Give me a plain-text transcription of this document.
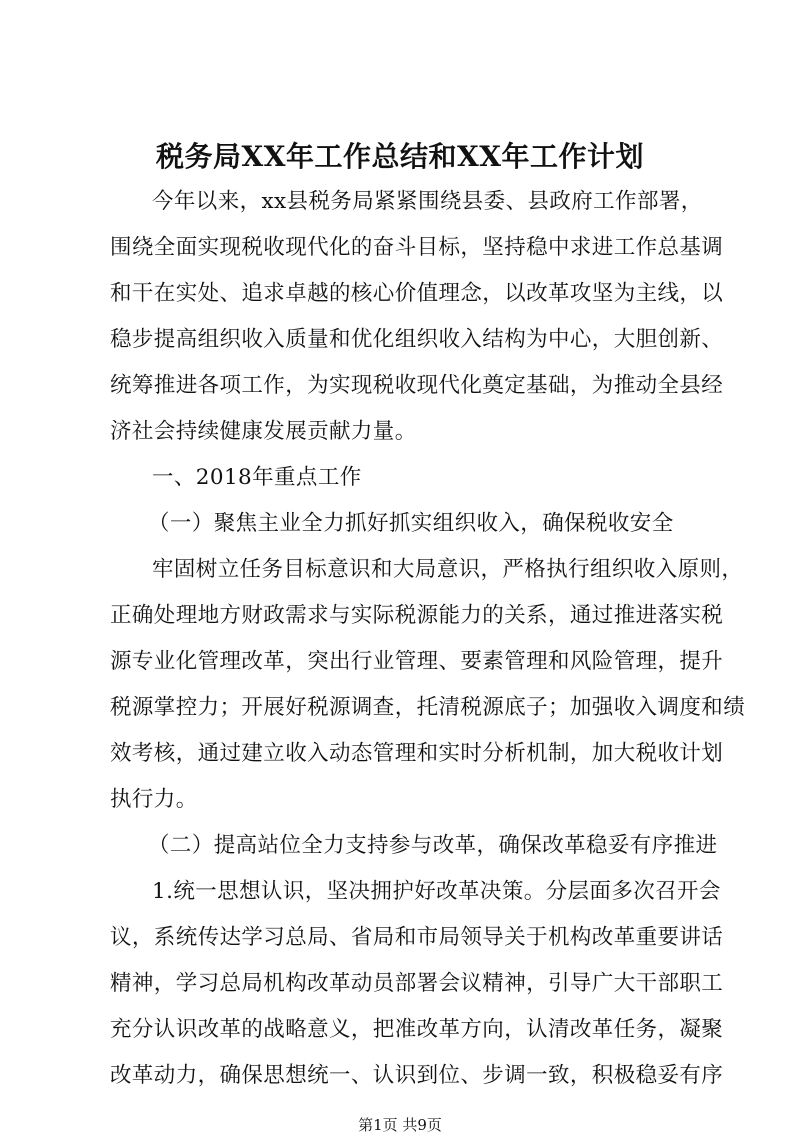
税务局XX年工作总结和XX年工作计划
今年以来，xx县税务局紧紧围绕县委、县政府工作部署，
围绕全面实现税收现代化的奋斗目标，坚持稳中求进工作总基调
和干在实处、追求卓越的核心价值理念，以改革攻坚为主线，以
稳步提高组织收入质量和优化组织收入结构为中心，大胆创新、
统筹推进各项工作，为实现税收现代化奠定基础，为推动全县经
济社会持续健康发展贡献力量。
一、2018年重点工作
（一）聚焦主业全力抓好抓实组织收入，确保税收安全
牢固树立任务目标意识和大局意识，严格执行组织收入原则，
正确处理地方财政需求与实际税源能力的关系，通过推进落实税
源专业化管理改革，突出行业管理、要素管理和风险管理，提升
税源掌控力；开展好税源调查，托清税源底子；加强收入调度和绩
效考核，通过建立收入动态管理和实时分析机制，加大税收计划
执行力。
（二）提高站位全力支持参与改革，确保改革稳妥有序推进
1.统一思想认识，坚决拥护好改革决策。分层面多次召开会
议，系统传达学习总局、省局和市局领导关于机构改革重要讲话
精神，学习总局机构改革动员部署会议精神，引导广大干部职工
第1页 共9页
充分认识改革的战略意义，把准改革方向，认清改革任务，凝聚
改革动力，确保思想统一、认识到位、步调一致，积极稳妥有序
